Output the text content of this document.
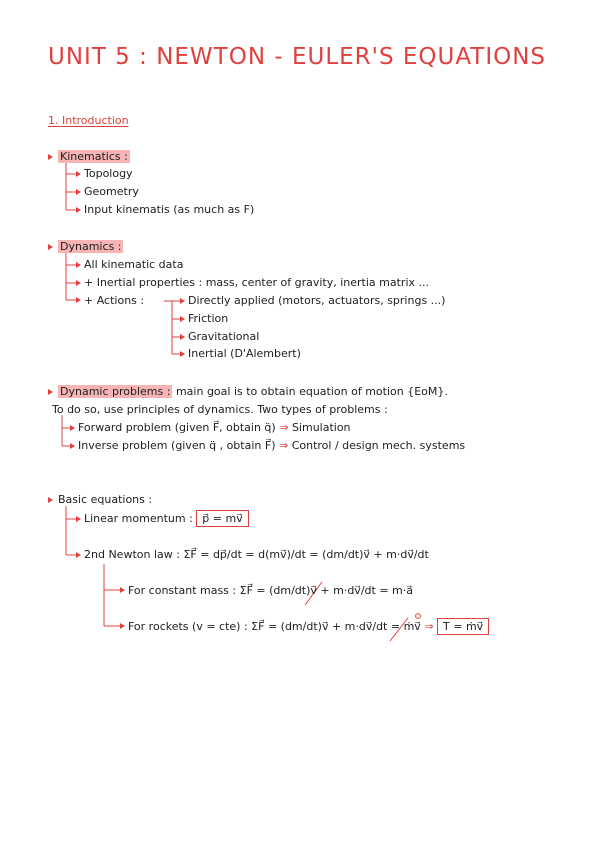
UNIT 5 : NEWTON - EULER'S EQUATIONS
1. Introduction
Kinematics :
Topology
Geometry
Input kinematis (as much as F)
Dynamics :
All kinematic data
+ Inertial properties : mass, center of gravity, inertia matrix ...
+ Actions :	Directly applied (motors, actuators, springs ...)
Friction
Gravitational
Inertial (D'Alembert)
Dynamic problems : main goal is to obtain equation of motion {EoM}.
To do so, use principles of dynamics. Two types of problems :
Forward problem (given F⃗, obtain q̈) ⇒ Simulation
Inverse problem (given q̈ , obtain F⃗) ⇒ Control / design mech. systems
Basic equations :
Linear momentum : p⃗ = mv⃗
2nd Newton law : ΣF⃗ = dp⃗/dt = d(mv⃗)/dt = (dm/dt)v⃗ + m·dv⃗/dt
For constant mass : ΣF⃗ = (dm/dt)v⃗ + m·dv⃗/dt = m·a⃗
For rockets (v = cte) : ΣF⃗ = (dm/dt)v⃗ + m·dv⃗/dt = ṁv⃗ ⇒ T = ṁv⃗
